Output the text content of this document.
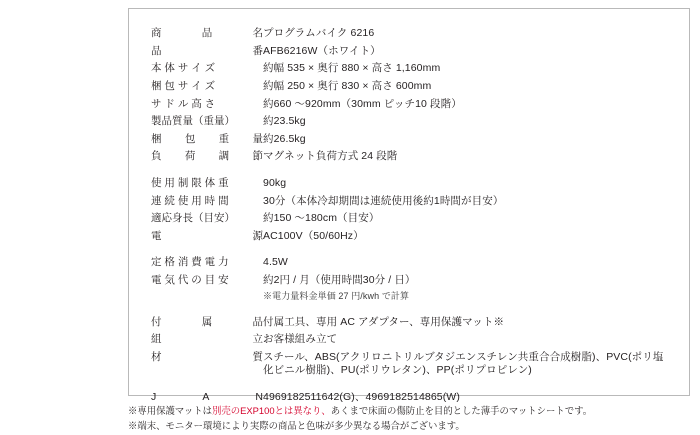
商 品 名	プログラムバイク 6216

品 番	AFB6216W（ホワイト）

本 体 サ イ ズ	約幅 535 × 奥行 880 × 高さ 1,160mm

梱 包 サ イ ズ	約幅 250 × 奥行 830 × 高さ 600mm

サ ド ル 高 さ	約660 〜920mm（30mm ピッチ10 段階）

製品質量（重量）	約23.5kg

梱 包 重 量	約26.5kg

負 荷 調 節	マグネット負荷方式 24 段階

使 用 制 限 体 重	90kg

連 続 使 用 時 間	30分（本体冷却期間は連続使用後約1時間が目安）

適応身長（目安）	約150 〜180cm（目安）

電 源	AC100V（50/60Hz）

定 格 消 費 電 力	4.5W

電 気 代 の 目 安	約2円 / 月（使用時間30分 / 日）
※電力量料金単価 27 円/kwh で計算

付 属 品	付属工具、専用 AC アダプター、専用保護マット※

組 立	お客様組み立て

材 質	スチール、ABS(アクリロニトリルブタジエンスチレン共重合合成樹脂)、PVC(ポリ塩化ビニル樹脂)、PU(ポリウレタン)、PP(ポリプロピレン)

J A N	4969182511642(G)、4969182514865(W)
※専用保護マットは別売のEXP100とは異なり、あくまで床面の傷防止を目的とした薄手のマットシートです。
※端末、モニター環境により実際の商品と色味が多少異なる場合がございます。
